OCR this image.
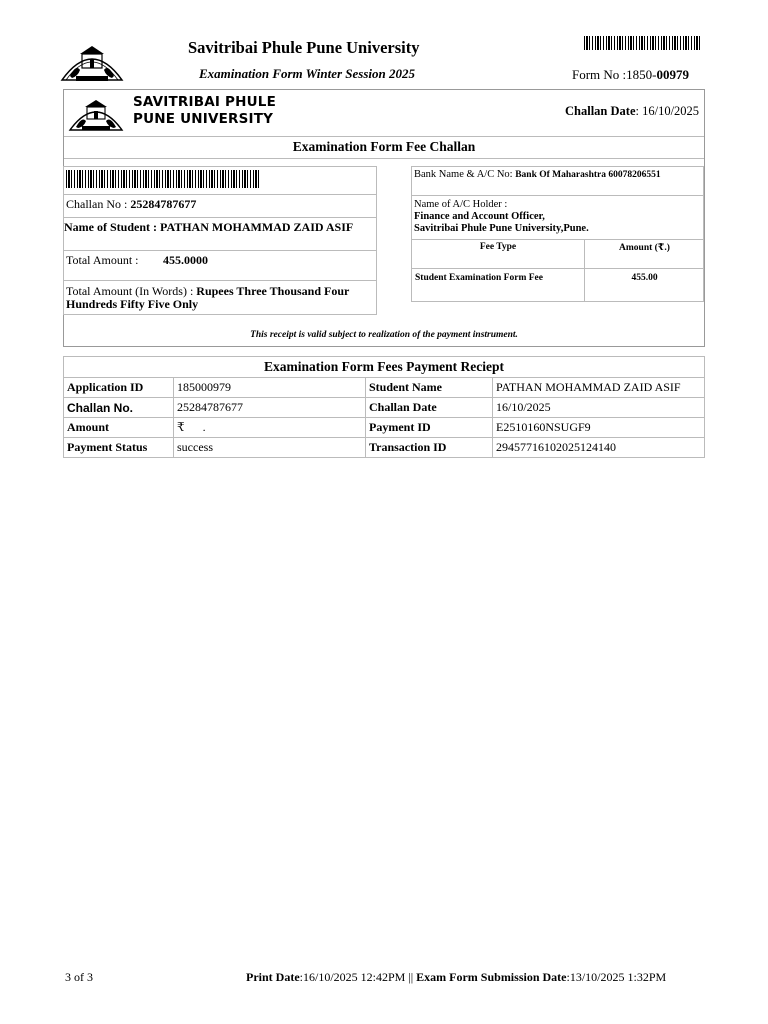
Savitribai Phule Pune University
Examination Form Winter Session 2025	Form No :1850-00979
SAVITRIBAI PHULE
PUNE UNIVERSITY	Challan Date: 16/10/2025
Examination Form Fee Challan
Challan No : 25284787677
Name of Student : PATHAN MOHAMMAD ZAID ASIF
Total Amount : 455.0000
Total Amount (In Words) : Rupees Three Thousand Four Hundreds Fifty Five Only
Bank Name & A/C No: Bank Of Maharashtra 60078206551
Name of A/C Holder :
Finance and Account Officer,
Savitribai Phule Pune University,Pune.
Fee Type	Amount (₹.)
Student Examination Form Fee	455.00
This receipt is valid subject to realization of the payment instrument.
Examination Form Fees Payment Reciept			
Application ID	185000979	Student Name	PATHAN MOHAMMAD ZAID ASIF
Challan No.	25284787677	Challan Date	16/10/2025
Amount	₹      .	Payment ID	E2510160NSUGF9
Payment Status	success	Transaction ID	294577161020251241​40
3 of 3	Print Date:16/10/2025 12:42PM || Exam Form Submission Date:13/10/2025 1:32PM
